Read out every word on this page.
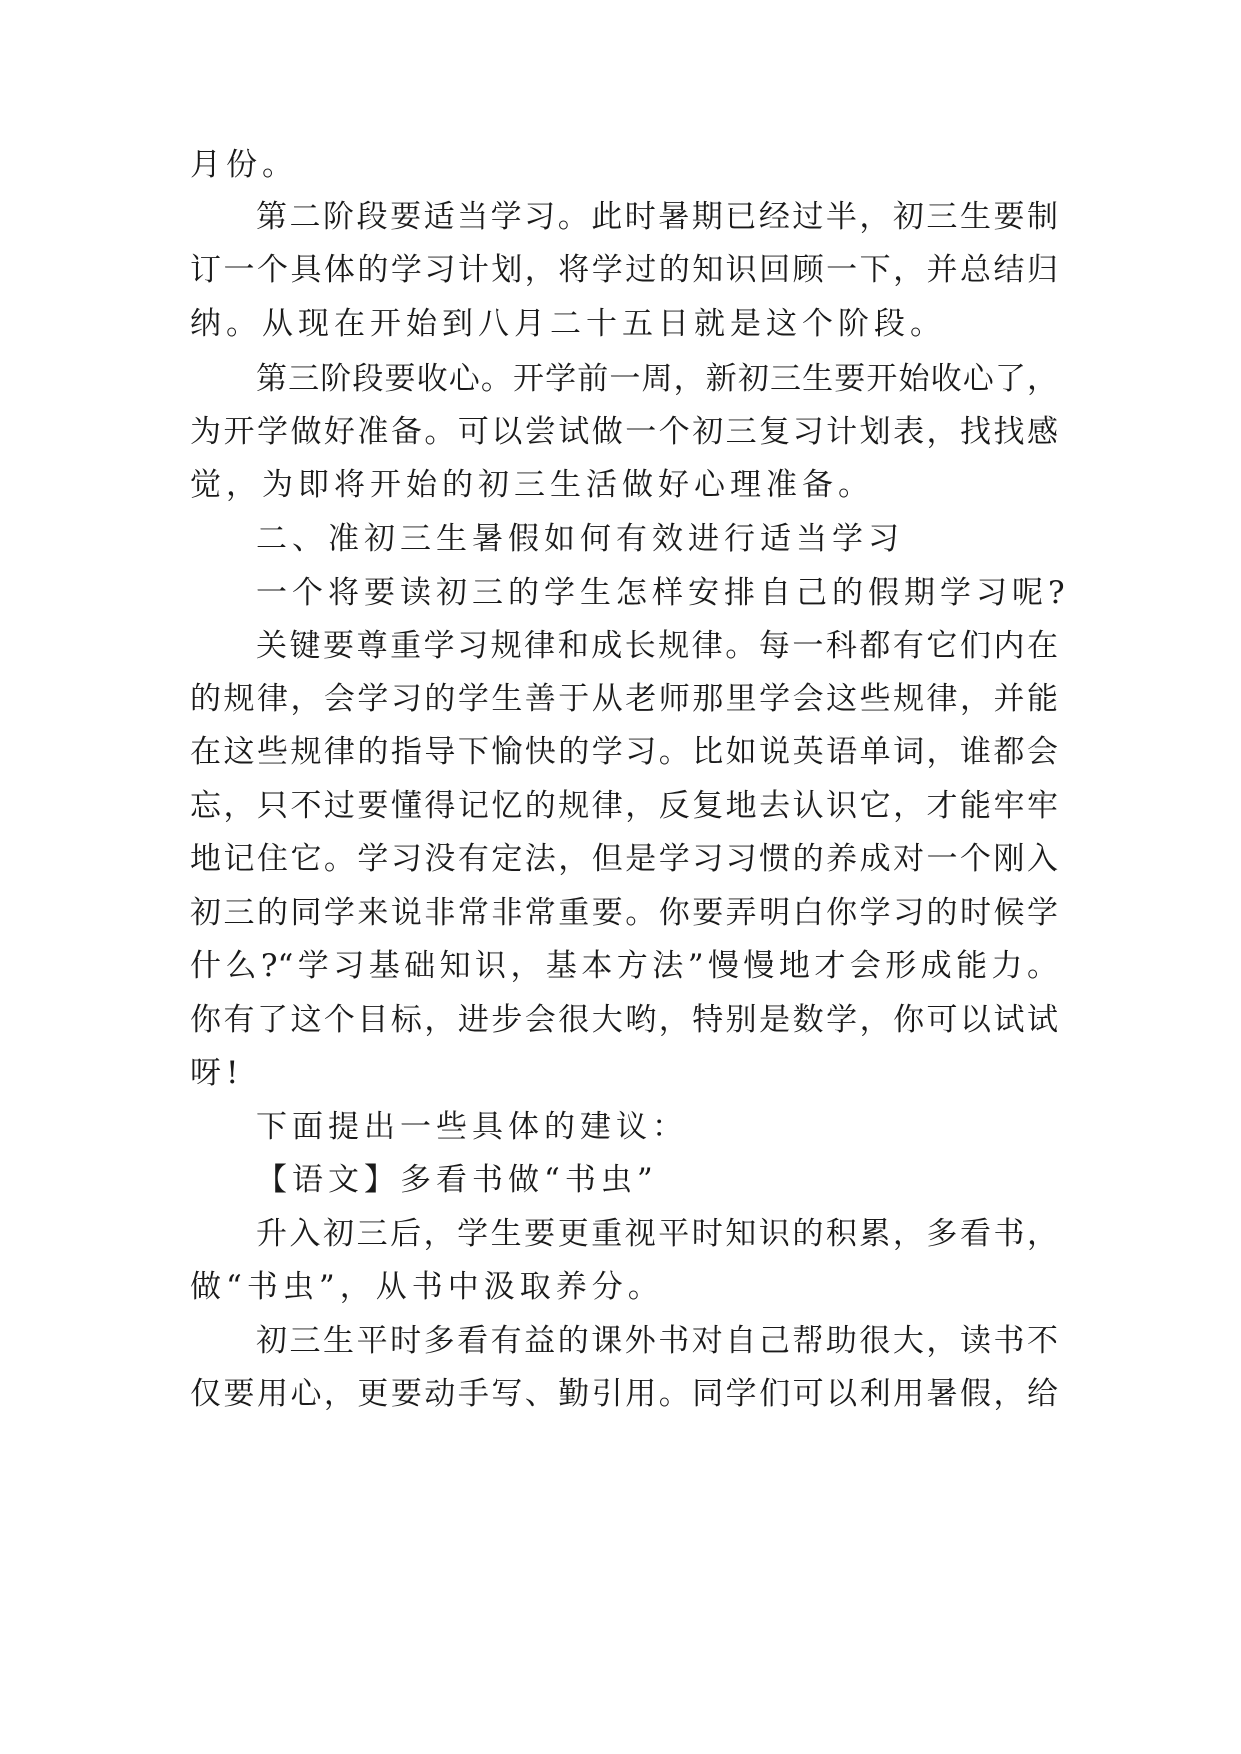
月份。
第二阶段要适当学习。此时暑期已经过半，初三生要制
订一个具体的学习计划，将学过的知识回顾一下，并总结归
纳。从现在开始到八月二十五日就是这个阶段。
第三阶段要收心。开学前一周，新初三生要开始收心了，
为开学做好准备。可以尝试做一个初三复习计划表，找找感
觉，为即将开始的初三生活做好心理准备。
二、准初三生暑假如何有效进行适当学习
一个将要读初三的学生怎样安排自己的假期学习呢?
关键要尊重学习规律和成长规律。每一科都有它们内在
的规律，会学习的学生善于从老师那里学会这些规律，并能
在这些规律的指导下愉快的学习。比如说英语单词，谁都会
忘，只不过要懂得记忆的规律，反复地去认识它，才能牢牢
地记住它。学习没有定法，但是学习习惯的养成对一个刚入
初三的同学来说非常非常重要。你要弄明白你学习的时候学
什么?“学习基础知识，基本方法”慢慢地才会形成能力。
你有了这个目标，进步会很大哟，特别是数学，你可以试试
呀!
下面提出一些具体的建议：
【语文】多看书做“书虫”
升入初三后，学生要更重视平时知识的积累，多看书，
做“书虫”，从书中汲取养分。
初三生平时多看有益的课外书对自己帮助很大，读书不
仅要用心，更要动手写、勤引用。同学们可以利用暑假，给
